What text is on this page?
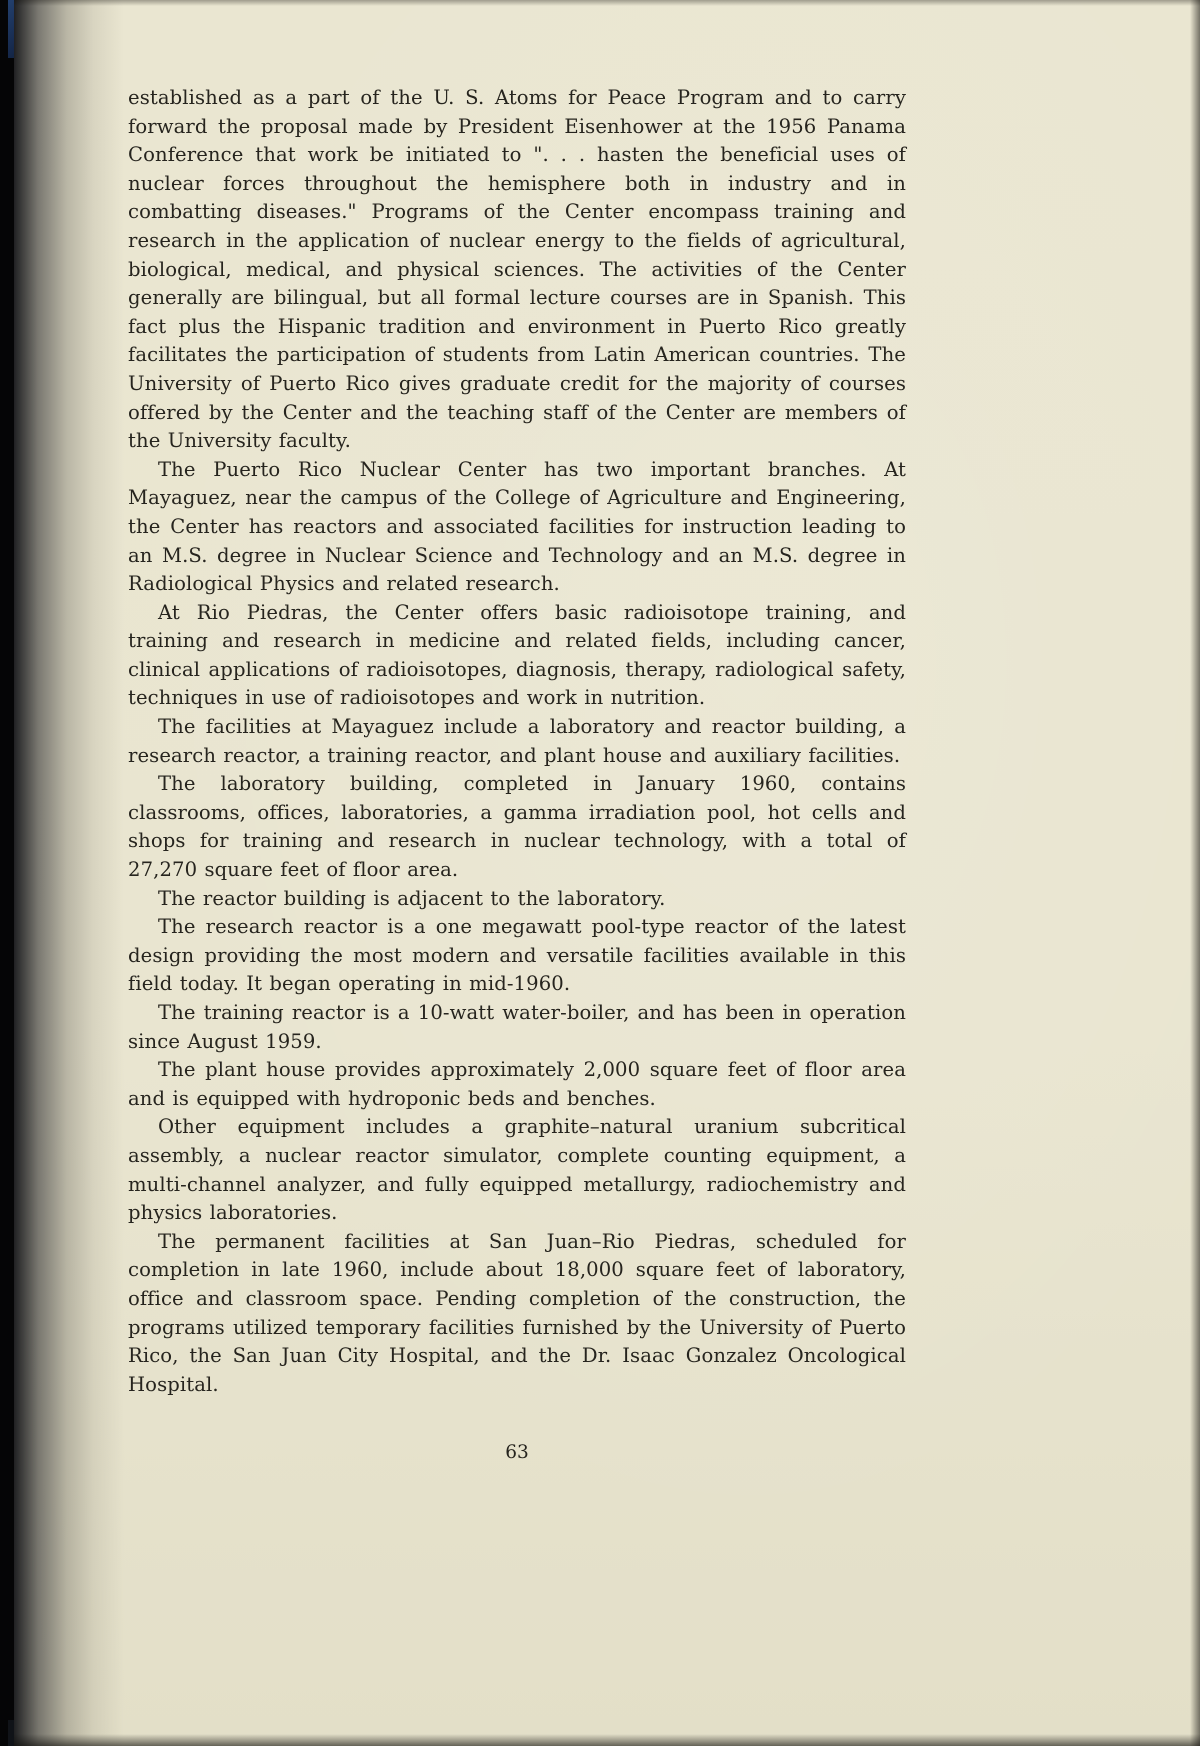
established as a part of the U. S. Atoms for Peace Program and to carry forward the proposal made by President Eisenhower at the 1956 Panama Conference that work be initiated to ". . . hasten the beneficial uses of nuclear forces throughout the hemisphere both in industry and in combatting diseases." Programs of the Center encompass training and research in the application of nuclear energy to the fields of agricultural, biological, medical, and physical sciences. The activities of the Center generally are bilingual, but all formal lecture courses are in Spanish. This fact plus the Hispanic tradition and environment in Puerto Rico greatly facilitates the participation of students from Latin American countries. The University of Puerto Rico gives graduate credit for the majority of courses offered by the Center and the teaching staff of the Center are members of the University faculty.

The Puerto Rico Nuclear Center has two important branches. At Mayaguez, near the campus of the College of Agriculture and Engineering, the Center has reactors and associated facilities for instruction leading to an M.S. degree in Nuclear Science and Technology and an M.S. degree in Radiological Physics and related research.

At Rio Piedras, the Center offers basic radioisotope training, and training and research in medicine and related fields, including cancer, clinical applications of radioisotopes, diagnosis, therapy, radiological safety, techniques in use of radioisotopes and work in nutrition.

The facilities at Mayaguez include a laboratory and reactor building, a research reactor, a training reactor, and plant house and auxiliary facilities.

The laboratory building, completed in January 1960, contains classrooms, offices, laboratories, a gamma irradiation pool, hot cells and shops for training and research in nuclear technology, with a total of 27,270 square feet of floor area.

The reactor building is adjacent to the laboratory.

The research reactor is a one megawatt pool-type reactor of the latest design providing the most modern and versatile facilities available in this field today. It began operating in mid-1960.

The training reactor is a 10-watt water-boiler, and has been in operation since August 1959.

The plant house provides approximately 2,000 square feet of floor area and is equipped with hydroponic beds and benches.

Other equipment includes a graphite–natural uranium subcritical assembly, a nuclear reactor simulator, complete counting equipment, a multi-channel analyzer, and fully equipped metallurgy, radiochemistry and physics laboratories.

The permanent facilities at San Juan–Rio Piedras, scheduled for completion in late 1960, include about 18,000 square feet of laboratory, office and classroom space. Pending completion of the construction, the programs utilized temporary facilities furnished by the University of Puerto Rico, the San Juan City Hospital, and the Dr. Isaac Gonzalez Oncological Hospital.

63
